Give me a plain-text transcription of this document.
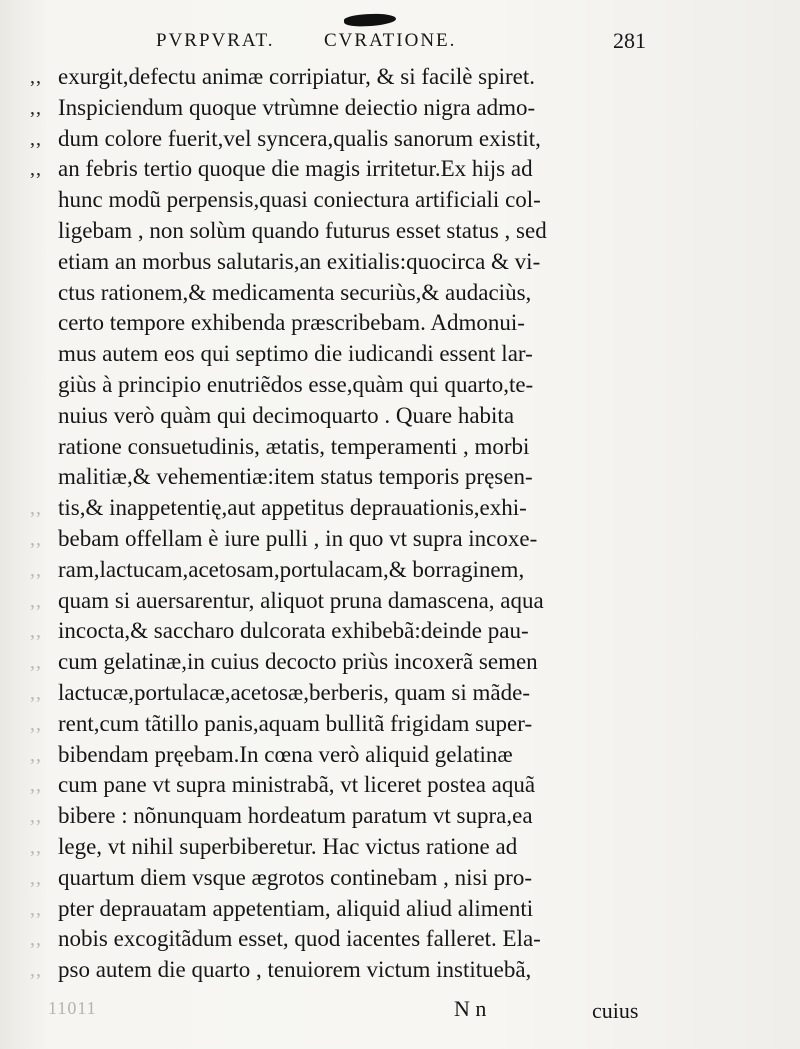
PVRPVRAT.	CVRATIONE.	281
,, exurgit,defectu animæ corripiatur, & si facilè spiret.
,, Inspiciendum quoque vtrùmne deiectio nigra admo-
,, dum colore fuerit,vel syncera,qualis sanorum existit,
,, an febris tertio quoque die magis irritetur.Ex hijs ad
hunc modũ perpensis,quasi coniectura artificiali col-
ligebam , non solùm quando futurus esset status , sed
etiam an morbus salutaris,an exitialis:quocirca & vi-
ctus rationem,& medicamenta securiùs,& audaciùs,
certo tempore exhibenda præscribebam. Admonui-
mus autem eos qui septimo die iudicandi essent lar-
giùs à principio enutriẽdos esse,quàm qui quarto,te-
nuius verò quàm qui decimoquarto . Quare habita
ratione consuetudinis, ætatis, temperamenti , morbi
malitiæ,& vehementiæ:item status temporis pręsen-
,, tis,& inappetentię,aut appetitus deprauationis,exhi-
,, bebam offellam è iure pulli , in quo vt supra incoxe-
,, ram,lactucam,acetosam,portulacam,& borraginem,
,, quam si auersarentur, aliquot pruna damascena, aqua
,, incocta,& saccharo dulcorata exhibebã:deinde pau-
,, cum gelatinæ,in cuius decocto priùs incoxerã semen
,, lactucæ,portulacæ,acetosæ,berberis, quam si mãde-
,, rent,cum tãtillo panis,aquam bullitã frigidam super-
,, bibendam pręebam.In cœna verò aliquid gelatinæ
,, cum pane vt supra ministrabã, vt liceret postea aquã
,, bibere : nõnunquam hordeatum paratum vt supra,ea
,, lege, vt nihil superbiberetur. Hac victus ratione ad
,, quartum diem vsque ægrotos continebam , nisi pro-
,, pter deprauatam appetentiam, aliquid aliud alimenti
,, nobis excogitãdum esset, quod iacentes falleret. Ela-
,, pso autem die quarto , tenuiorem victum instituebã,
11011	N n	cuius
